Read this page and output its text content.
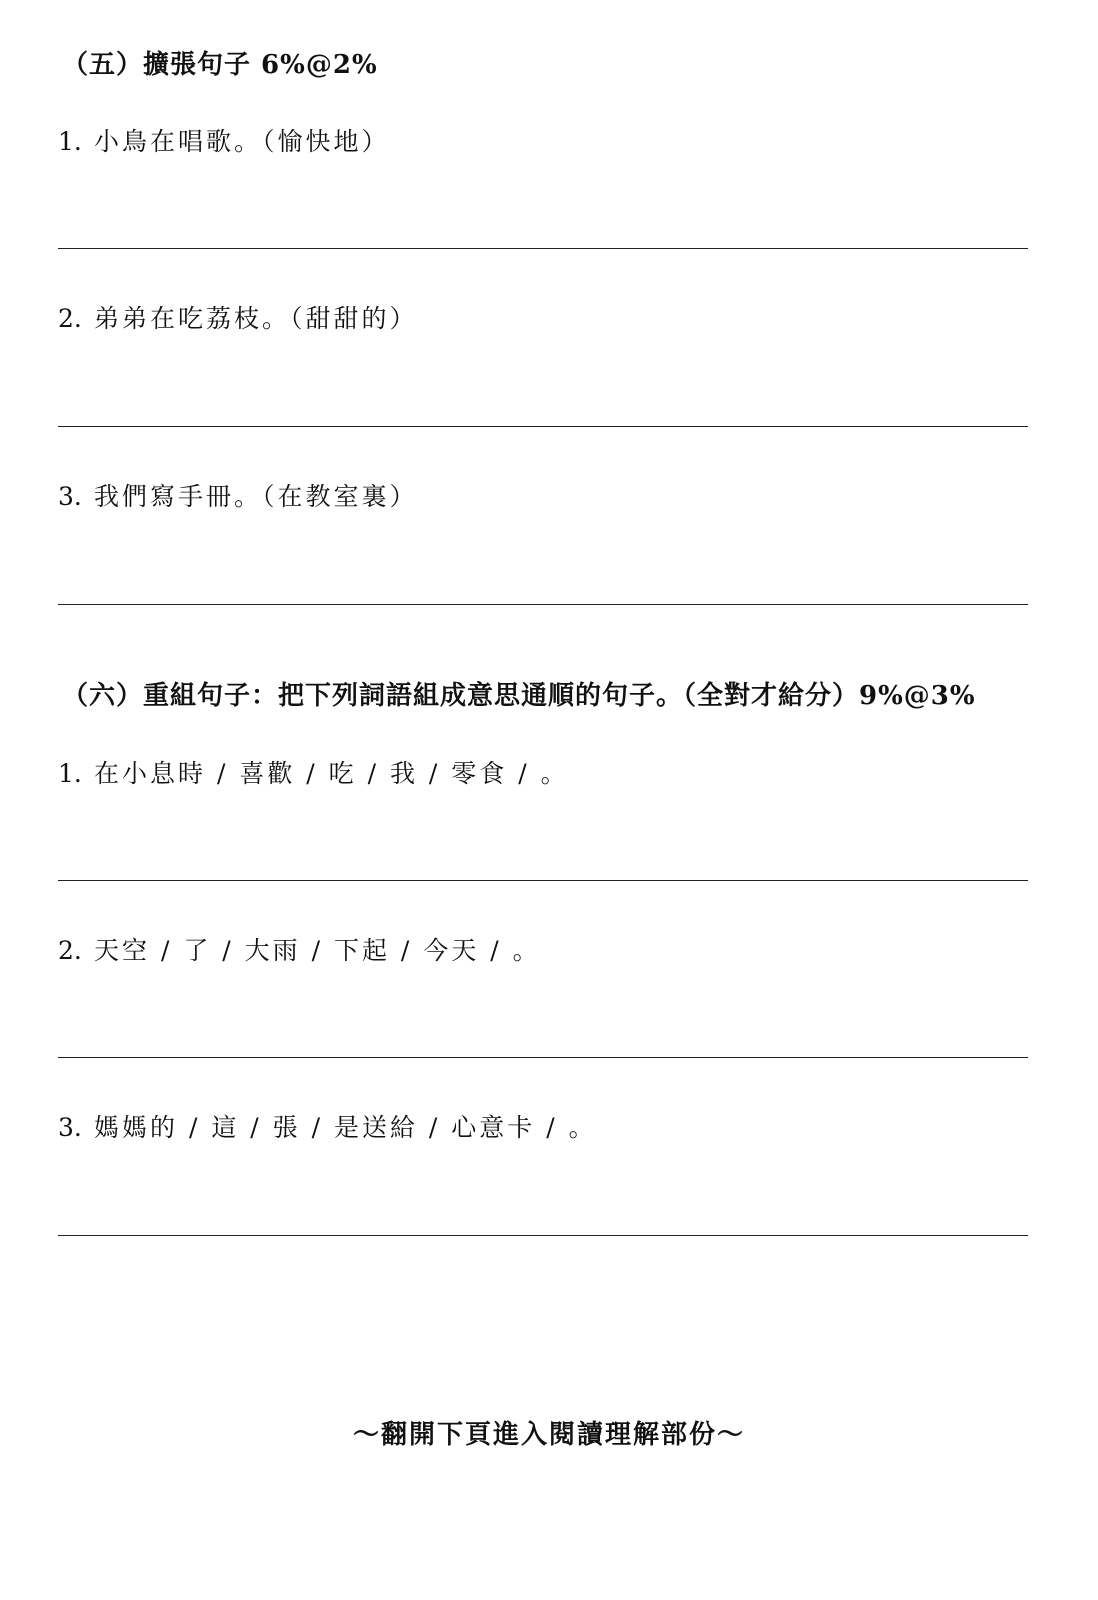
（五）擴張句子 6%@2%
1. 小鳥在唱歌。（愉快地）
2. 弟弟在吃荔枝。（甜甜的）
3. 我們寫手冊。（在教室裏）
（六）重組句子：把下列詞語組成意思通順的句子。（全對才給分）9%@3%
1. 在小息時 / 喜歡 / 吃 / 我 / 零食 / 。
2. 天空 / 了 / 大雨 / 下起 / 今天 / 。
3. 媽媽的 / 這 / 張 / 是送給 / 心意卡 / 。
～翻開下頁進入閱讀理解部份～
